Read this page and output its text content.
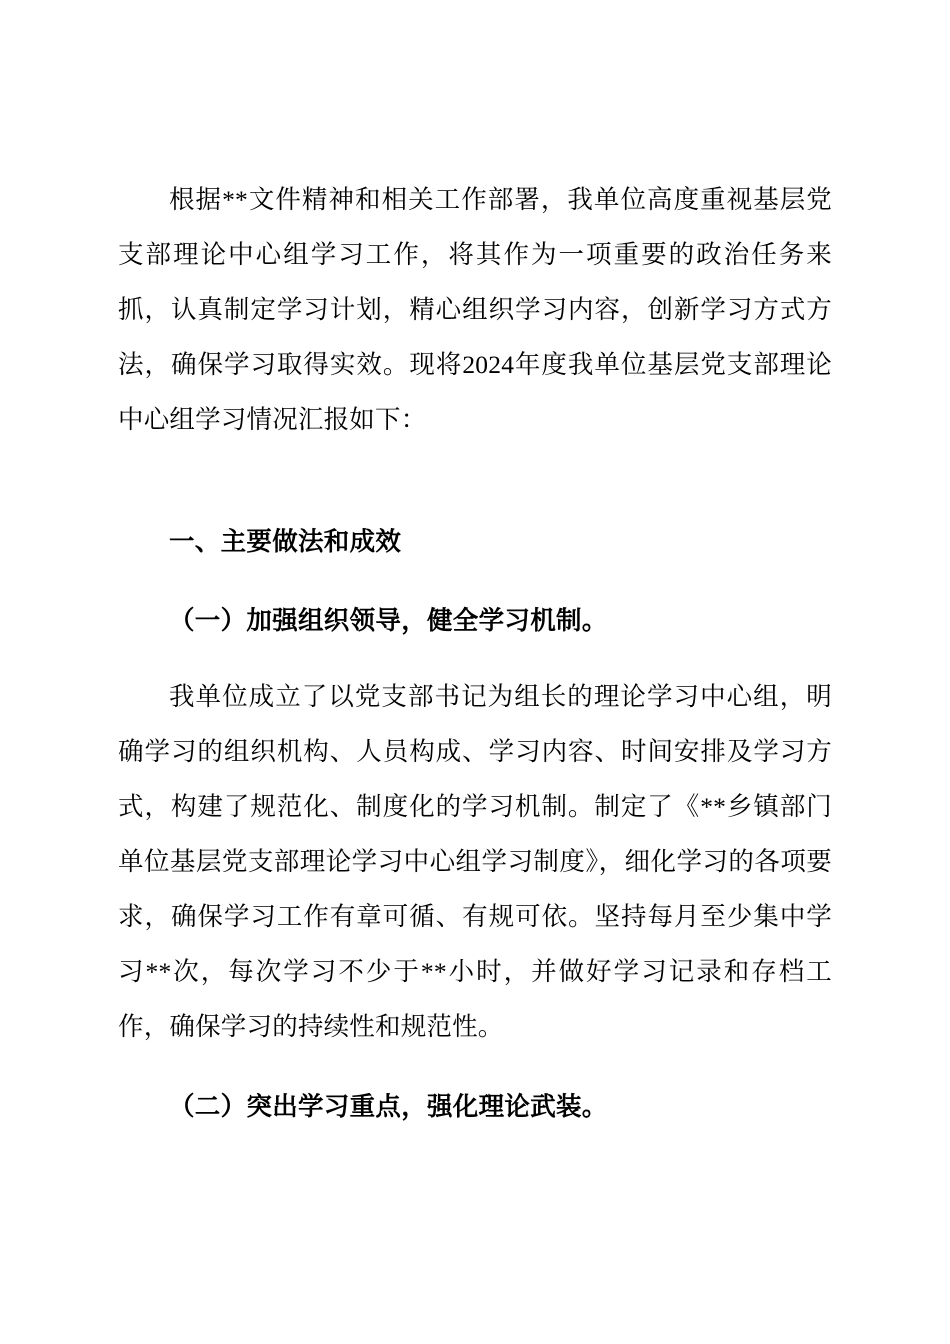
根据**文件精神和相关工作部署，我单位高度重视基层党支部理论中心组学习工作，将其作为一项重要的政治任务来抓，认真制定学习计划，精心组织学习内容，创新学习方式方法，确保学习取得实效。现将2024年度我单位基层党支部理论中心组学习情况汇报如下：

一、主要做法和成效
（一）加强组织领导，健全学习机制。

我单位成立了以党支部书记为组长的理论学习中心组，明确学习的组织机构、人员构成、学习内容、时间安排及学习方式，构建了规范化、制度化的学习机制。制定了《**乡镇部门单位基层党支部理论学习中心组学习制度》，细化学习的各项要求，确保学习工作有章可循、有规可依。坚持每月至少集中学习**次，每次学习不少于**小时，并做好学习记录和存档工作，确保学习的持续性和规范性。

（二）突出学习重点，强化理论武装。
